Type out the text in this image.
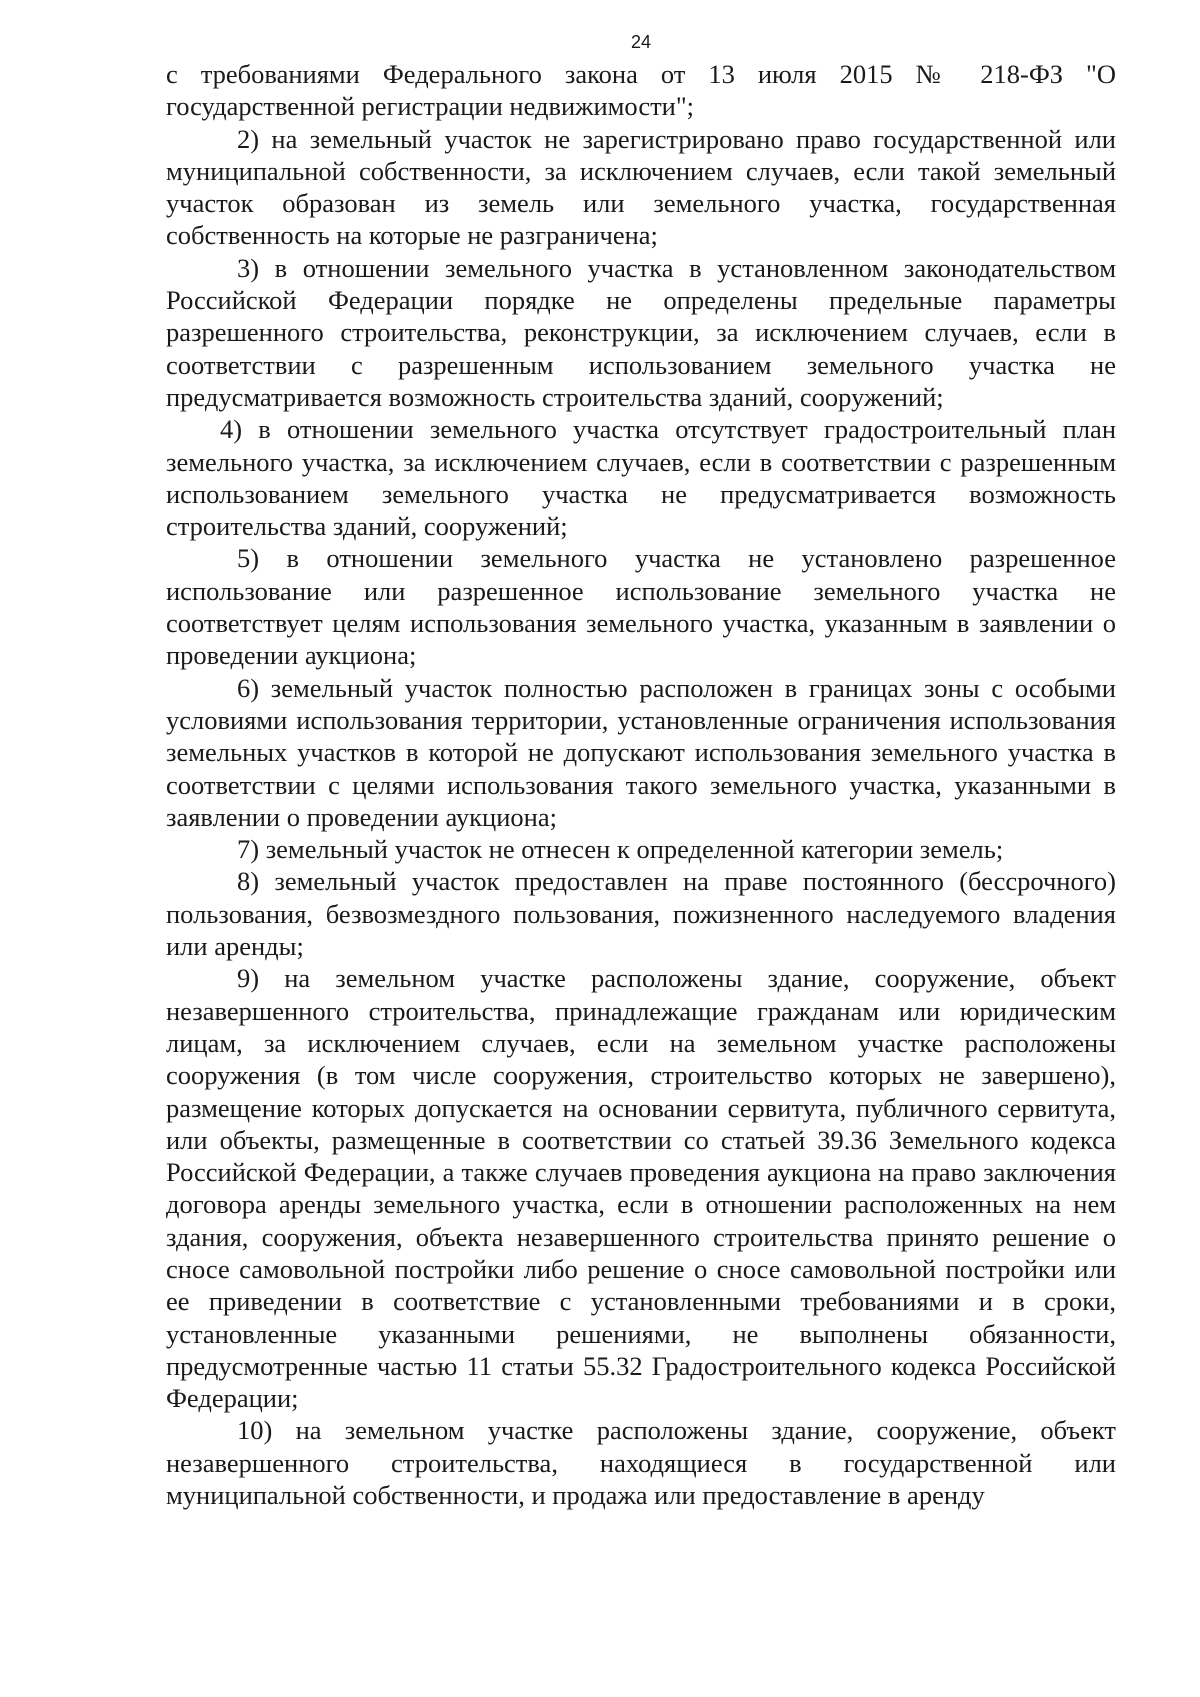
24

с требованиями Федерального закона от 13 июля 2015 № 218-ФЗ "О государственной регистрации недвижимости";

2) на земельный участок не зарегистрировано право государственной или муниципальной собственности, за исключением случаев, если такой земельный участок образован из земель или земельного участка, государственная собственность на которые не разграничена;

3) в отношении земельного участка в установленном законодательством Российской Федерации порядке не определены предельные параметры разрешенного строительства, реконструкции, за исключением случаев, если в соответствии с разрешенным использованием земельного участка не предусматривается возможность строительства зданий, сооружений;

4) в отношении земельного участка отсутствует градостроительный план земельного участка, за исключением случаев, если в соответствии с разрешенным использованием земельного участка не предусматривается возможность строительства зданий, сооружений;

5) в отношении земельного участка не установлено разрешенное использование или разрешенное использование земельного участка не соответствует целям использования земельного участка, указанным в заявлении о проведении аукциона;

6) земельный участок полностью расположен в границах зоны с особыми условиями использования территории, установленные ограничения использования земельных участков в которой не допускают использования земельного участка в соответствии с целями использования такого земельного участка, указанными в заявлении о проведении аукциона;

7) земельный участок не отнесен к определенной категории земель;

8) земельный участок предоставлен на праве постоянного (бессрочного) пользования, безвозмездного пользования, пожизненного наследуемого владения или аренды;

9) на земельном участке расположены здание, сооружение, объект незавершенного строительства, принадлежащие гражданам или юридическим лицам, за исключением случаев, если на земельном участке расположены сооружения (в том числе сооружения, строительство которых не завершено), размещение которых допускается на основании сервитута, публичного сервитута, или объекты, размещенные в соответствии со статьей 39.36 Земельного кодекса Российской Федерации, а также случаев проведения аукциона на право заключения договора аренды земельного участка, если в отношении расположенных на нем здания, сооружения, объекта незавершенного строительства принято решение о сносе самовольной постройки либо решение о сносе самовольной постройки или ее приведении в соответствие с установленными требованиями и в сроки, установленные указанными решениями, не выполнены обязанности, предусмотренные частью 11 статьи 55.32 Градостроительного кодекса Российской Федерации;

10) на земельном участке расположены здание, сооружение, объект незавершенного строительства, находящиеся в государственной или муниципальной собственности, и продажа или предоставление в аренду
